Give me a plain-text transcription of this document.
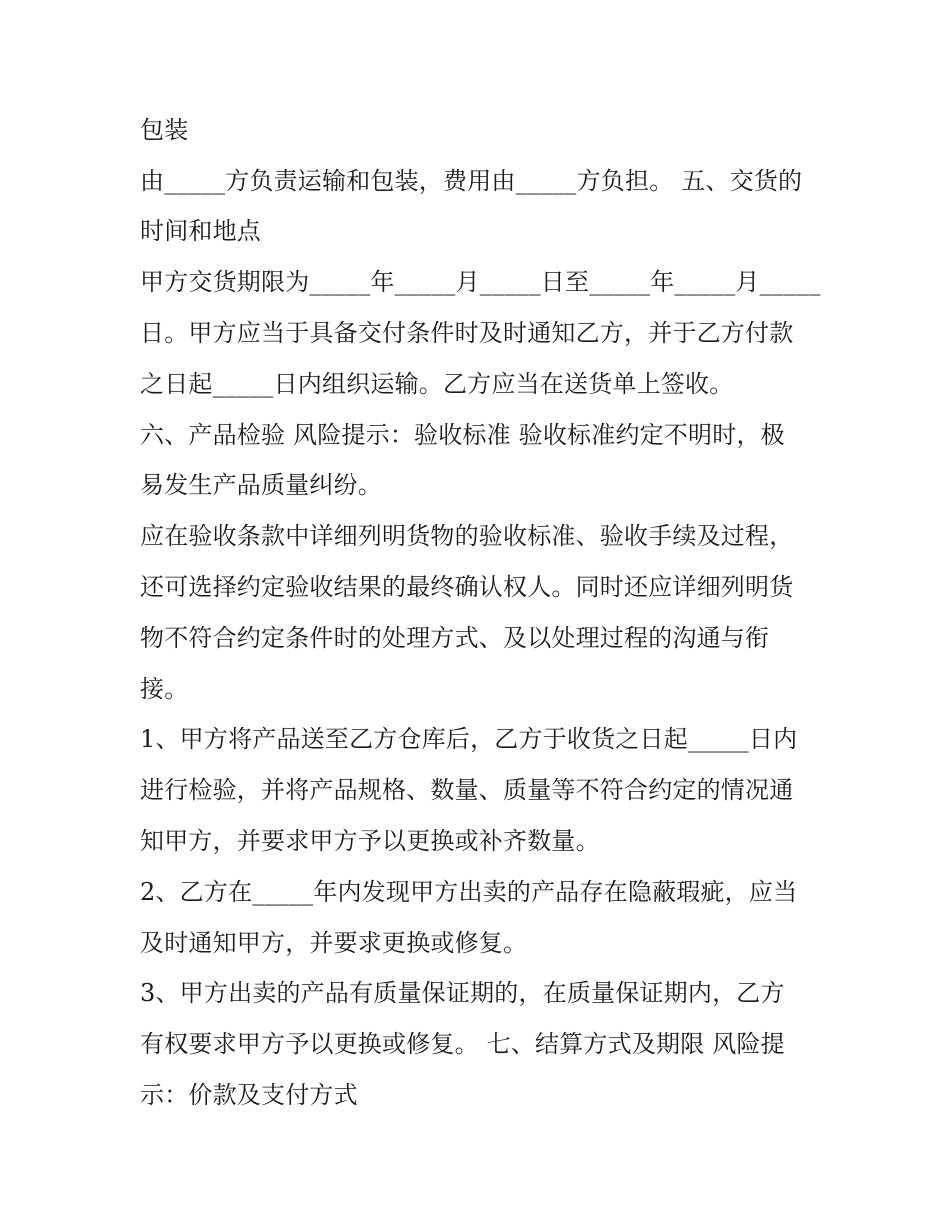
包装
由_____方负责运输和包装，费用由_____方负担。 五、交货的
时间和地点
甲方交货期限为_____年_____月_____日至_____年_____月_____
日。甲方应当于具备交付条件时及时通知乙方，并于乙方付款
之日起_____日内组织运输。乙方应当在送货单上签收。
六、产品检验 风险提示：验收标准 验收标准约定不明时，极
易发生产品质量纠纷。
应在验收条款中详细列明货物的验收标准、验收手续及过程，
还可选择约定验收结果的最终确认权人。同时还应详细列明货
物不符合约定条件时的处理方式、及以处理过程的沟通与衔
接。
1、甲方将产品送至乙方仓库后，乙方于收货之日起_____日内
进行检验，并将产品规格、数量、质量等不符合约定的情况通
知甲方，并要求甲方予以更换或补齐数量。
2、乙方在_____年内发现甲方出卖的产品存在隐蔽瑕疵，应当
及时通知甲方，并要求更换或修复。
3、甲方出卖的产品有质量保证期的，在质量保证期内，乙方
有权要求甲方予以更换或修复。 七、结算方式及期限 风险提
示：价款及支付方式
